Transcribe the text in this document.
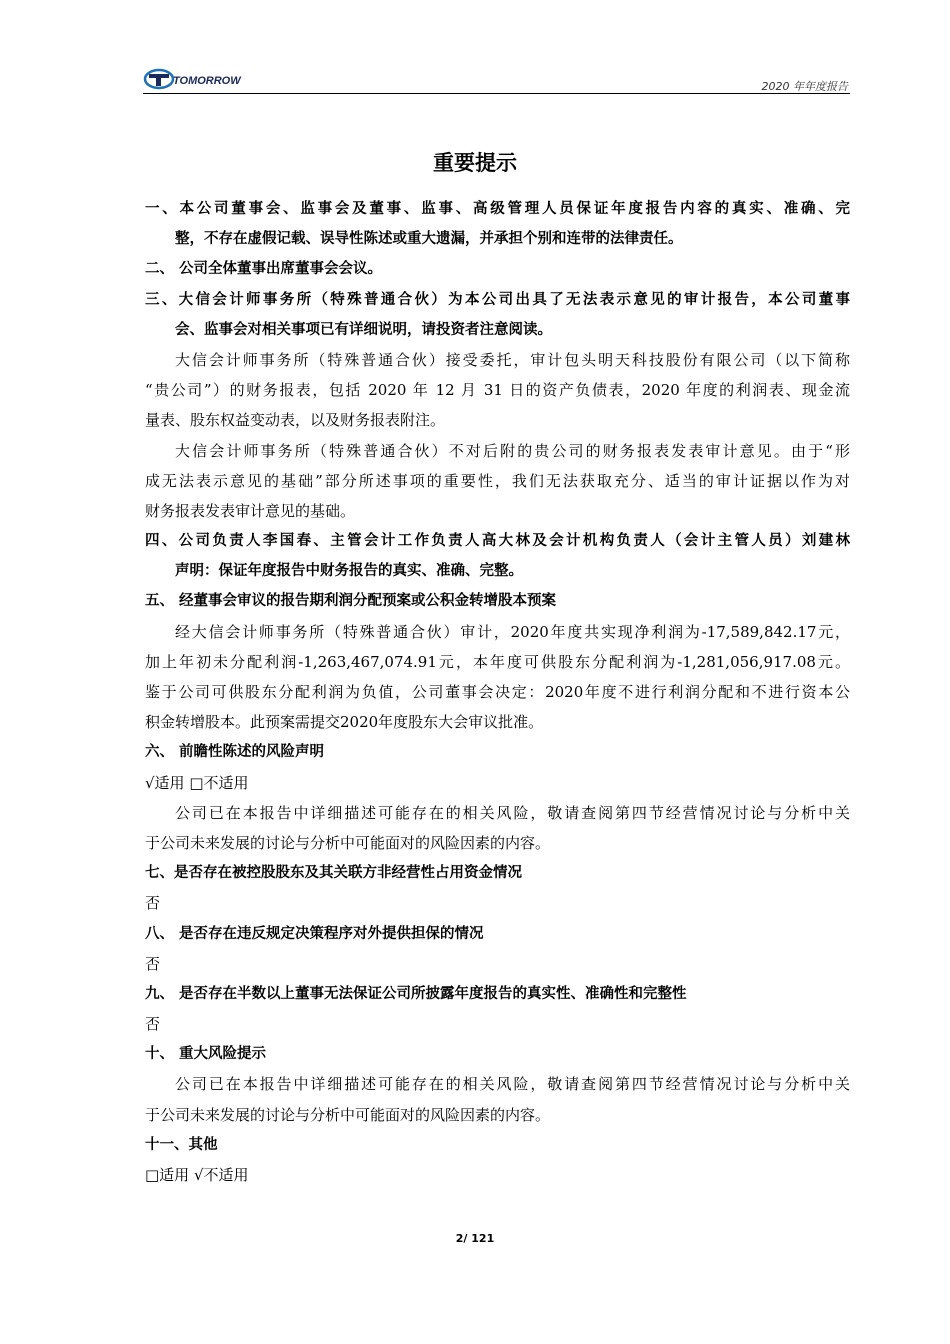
TOMORROW	2020 年年度报告
重要提示
一、本公司董事会、监事会及董事、监事、高级管理人员保证年度报告内容的真实、准确、完
整，不存在虚假记载、误导性陈述或重大遗漏，并承担个别和连带的法律责任。
二、 公司全体董事出席董事会会议。
三、大信会计师事务所（特殊普通合伙）为本公司出具了无法表示意见的审计报告，本公司董事
会、监事会对相关事项已有详细说明，请投资者注意阅读。
大信会计师事务所（特殊普通合伙）接受委托，审计包头明天科技股份有限公司（以下简称
“贵公司”）的财务报表，包括 2020 年 12 月 31 日的资产负债表，2020 年度的利润表、现金流
量表、股东权益变动表，以及财务报表附注。
大信会计师事务所（特殊普通合伙）不对后附的贵公司的财务报表发表审计意见。由于“形
成无法表示意见的基础”部分所述事项的重要性，我们无法获取充分、适当的审计证据以作为对
财务报表发表审计意见的基础。
四、公司负责人李国春、主管会计工作负责人高大林及会计机构负责人（会计主管人员）刘建林
声明：保证年度报告中财务报告的真实、准确、完整。
五、 经董事会审议的报告期利润分配预案或公积金转增股本预案
经大信会计师事务所（特殊普通合伙）审计，2020年度共实现净利润为-17,589,842.17元，
加上年初未分配利润-1,263,467,074.91元，本年度可供股东分配利润为-1,281,056,917.08元。
鉴于公司可供股东分配利润为负值，公司董事会决定：2020年度不进行利润分配和不进行资本公
积金转增股本。此预案需提交2020年度股东大会审议批准。
六、 前瞻性陈述的风险声明
√适用 □不适用
公司已在本报告中详细描述可能存在的相关风险，敬请查阅第四节经营情况讨论与分析中关
于公司未来发展的讨论与分析中可能面对的风险因素的内容。
七、是否存在被控股股东及其关联方非经营性占用资金情况
否
八、 是否存在违反规定决策程序对外提供担保的情况
否
九、 是否存在半数以上董事无法保证公司所披露年度报告的真实性、准确性和完整性
否
十、 重大风险提示
公司已在本报告中详细描述可能存在的相关风险，敬请查阅第四节经营情况讨论与分析中关
于公司未来发展的讨论与分析中可能面对的风险因素的内容。
十一、其他
□适用 √不适用
2/ 121
